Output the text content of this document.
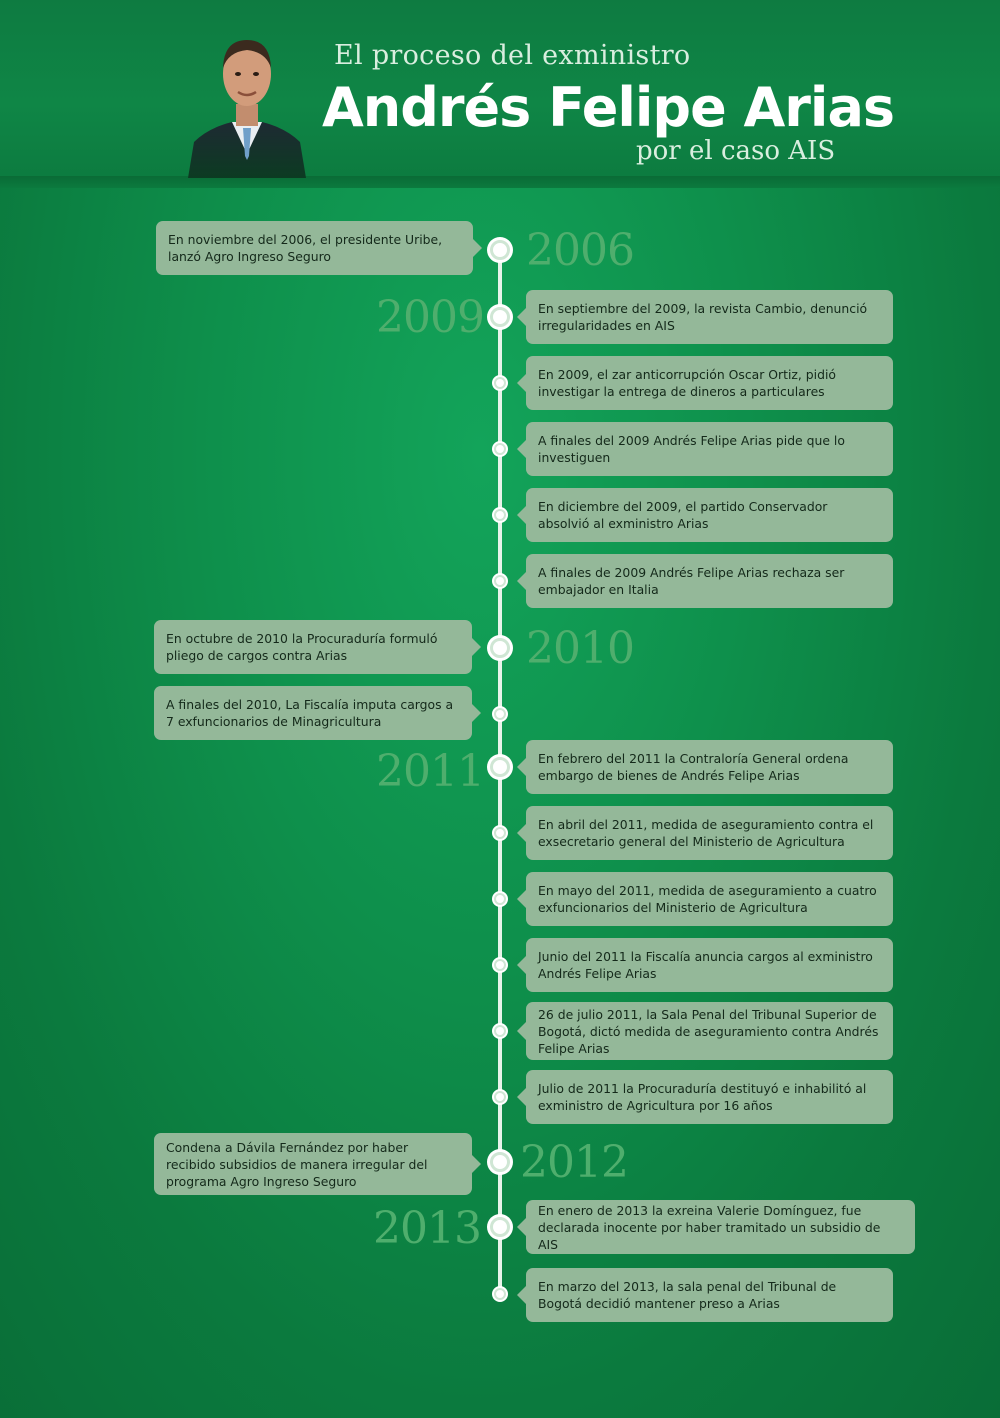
El proceso del exministro
Andrés Felipe Arias
por el caso AIS
2006
2009
2010
2011
2012
2013
En noviembre del 2006, el presidente Uribe, lanzó Agro Ingreso Seguro
En septiembre del 2009, la revista Cambio, denunció irregularidades en AIS
En 2009, el zar anticorrupción Oscar Ortiz, pidió investigar la entrega de dineros a particulares
A finales del 2009 Andrés Felipe Arias pide que lo investiguen
En diciembre del 2009, el partido Conservador absolvió al exministro Arias
A finales de 2009 Andrés Felipe Arias rechaza ser embajador en Italia
En octubre de 2010 la Procuraduría formuló pliego de cargos contra Arias
A finales del 2010, La Fiscalía imputa cargos a 7 exfuncionarios de Minagricultura
En febrero del 2011 la Contraloría General ordena embargo de bienes de Andrés Felipe Arias
En abril del 2011, medida de aseguramiento contra el exsecretario general del Ministerio de Agricultura
En mayo del 2011, medida de aseguramiento a cuatro exfuncionarios del Ministerio de Agricultura
Junio del 2011 la Fiscalía anuncia cargos al exministro Andrés Felipe Arias
26 de julio 2011, la Sala Penal del Tribunal Superior de Bogotá, dictó medida de aseguramiento contra Andrés Felipe Arias
Julio de 2011 la Procuraduría destituyó e inhabilitó al exministro de Agricultura por 16 años
Condena a Dávila Fernández por haber recibido subsidios de manera irregular del programa Agro Ingreso Seguro
En enero de 2013 la exreina Valerie Domínguez, fue declarada inocente por haber tramitado un subsidio de AIS
En marzo del 2013, la sala penal del Tribunal de Bogotá decidió mantener preso a Arias
